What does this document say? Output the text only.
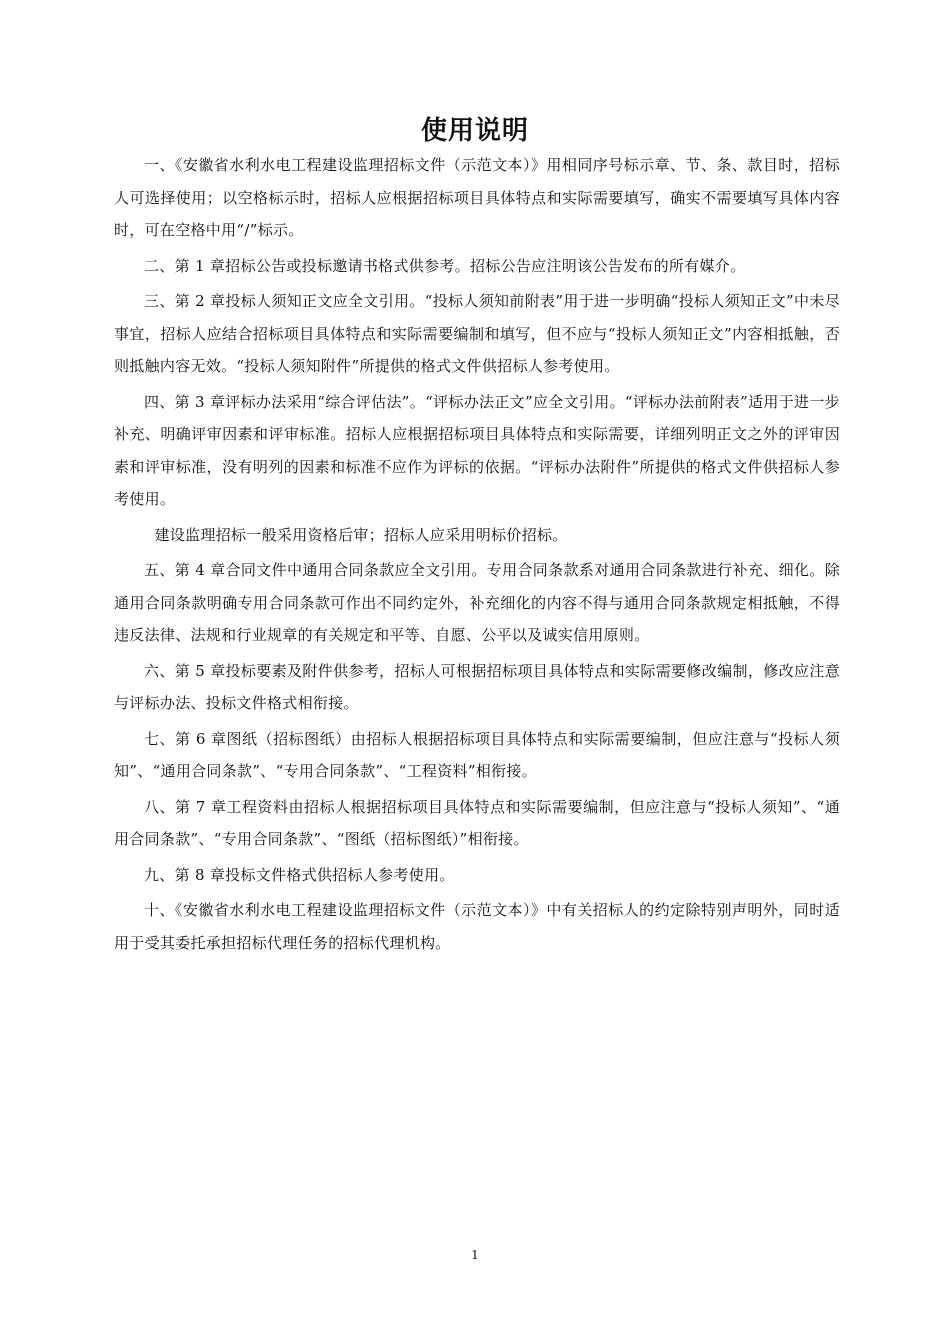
使用说明

一、《安徽省水利水电工程建设监理招标文件（示范文本）》用相同序号标示章、节、条、款目时，招标人可选择使用；以空格标示时，招标人应根据招标项目具体特点和实际需要填写，确实不需要填写具体内容时，可在空格中用“/”标示。

二、第 1 章招标公告或投标邀请书格式供参考。招标公告应注明该公告发布的所有媒介。

三、第 2 章投标人须知正文应全文引用。“投标人须知前附表”用于进一步明确“投标人须知正文”中未尽事宜，招标人应结合招标项目具体特点和实际需要编制和填写，但不应与“投标人须知正文”内容相抵触，否则抵触内容无效。“投标人须知附件”所提供的格式文件供招标人参考使用。

四、第 3 章评标办法采用“综合评估法”。“评标办法正文”应全文引用。“评标办法前附表”适用于进一步补充、明确评审因素和评审标准。招标人应根据招标项目具体特点和实际需要，详细列明正文之外的评审因素和评审标准，没有明列的因素和标准不应作为评标的依据。“评标办法附件”所提供的格式文件供招标人参考使用。

建设监理招标一般采用资格后审；招标人应采用明标价招标。

五、第 4 章合同文件中通用合同条款应全文引用。专用合同条款系对通用合同条款进行补充、细化。除通用合同条款明确专用合同条款可作出不同约定外，补充细化的内容不得与通用合同条款规定相抵触，不得违反法律、法规和行业规章的有关规定和平等、自愿、公平以及诚实信用原则。

六、第 5 章投标要素及附件供参考，招标人可根据招标项目具体特点和实际需要修改编制，修改应注意与评标办法、投标文件格式相衔接。

七、第 6 章图纸（招标图纸）由招标人根据招标项目具体特点和实际需要编制，但应注意与“投标人须知”、“通用合同条款”、“专用合同条款”、“工程资料”相衔接。

八、第 7 章工程资料由招标人根据招标项目具体特点和实际需要编制，但应注意与“投标人须知”、“通用合同条款”、“专用合同条款”、“图纸（招标图纸）”相衔接。

九、第 8 章投标文件格式供招标人参考使用。

十、《安徽省水利水电工程建设监理招标文件（示范文本）》中有关招标人的约定除特别声明外，同时适用于受其委托承担招标代理任务的招标代理机构。

1
